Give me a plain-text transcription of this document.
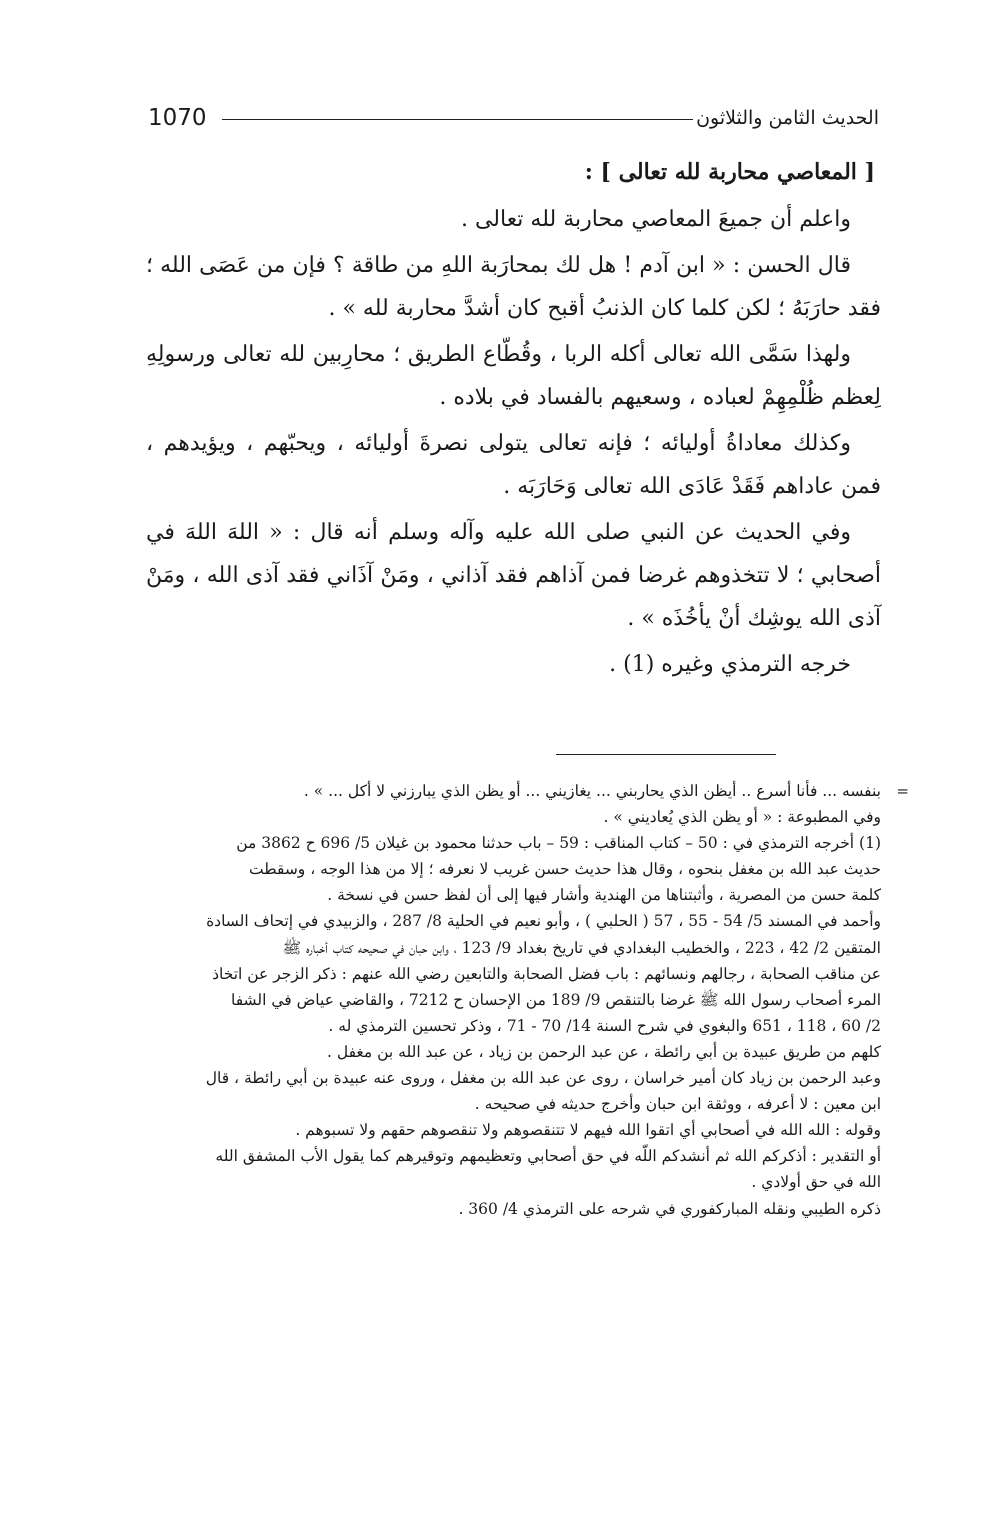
1070	الحديث الثامن والثلاثون
[ المعاصي محاربة لله تعالى ] :

واعلم أن جميعَ المعاصي محاربة لله تعالى .

قال الحسن : « ابن آدم ! هل لك بمحارَبة اللهِ من طاقة ؟ فإن من عَصَى الله ؛ فقد حارَبَهُ ؛ لكن كلما كان الذنبُ أقبح كان أشدَّ محاربة لله » .

ولهذا سَمَّى الله تعالى أكله الربا ، وقُطّاع الطريق ؛ محارِبين لله تعالى ورسولِهِ لِعظم ظُلْمِهِمْ لعباده ، وسعيهم بالفساد في بلاده .

وكذلك معاداةُ أوليائه ؛ فإنه تعالى يتولى نصرةَ أوليائه ، ويحبّهم ، ويؤيدهم ، فمن عاداهم فَقَدْ عَادَى الله تعالى وَحَارَبَه .

وفي الحديث عن النبي صلى الله عليه وآله وسلم أنه قال : « اللهَ اللهَ في أصحابي ؛ لا تتخذوهم غرضا فمن آذاهم فقد آذاني ، ومَنْ آذَاني فقد آذى الله ، ومَنْ آذى الله يوشِك أنْ يأخُذَه » .

خرجه الترمذي وغيره (1) .

=

بنفسه ... فأنا أسرع .. أيظن الذي يحاربني ... يغازيني ... أو يظن الذي يبارزني لا أكل ... » .

وفي المطبوعة : « أو يظن الذي يُعاديني » .

(1) أخرجه الترمذي في : 50 – كتاب المناقب : 59 – باب حدثنا محمود بن غيلان 5/ 696 ح 3862 من

حديث عبد الله بن مغفل بنحوه ، وقال هذا حديث حسن غريب لا نعرفه ؛ إلا من هذا الوجه ، وسقطت

كلمة حسن من المصرية ، وأثبتناها من الهندية وأشار فيها إلى أن لفظ حسن في نسخة .

وأحمد في المسند 5/ 54 - 55 ، 57 ( الحلبي ) ، وأبو نعيم في الحلية 8/ 287 ، والزبيدي في إتحاف السادة

المتقين 2/ 42 ، 223 ، والخطيب البغدادي في تاريخ بغداد 9/ 123 ، وابن حبان في صحيحه كتاب أخباره ﷺ

عن مناقب الصحابة ، رجالهم ونسائهم : باب فضل الصحابة والتابعين رضي الله عنهم : ذكر الزجر عن اتخاذ

المرء أصحاب رسول الله ﷺ غرضا بالتنقص 9/ 189 من الإحسان ح 7212 ، والقاضي عياض في الشفا

2/ 60 ، 118 ، 651 والبغوي في شرح السنة 14/ 70 - 71 ، وذكر تحسين الترمذي له .

كلهم من طريق عبيدة بن أبي رائطة ، عن عبد الرحمن بن زياد ، عن عبد الله بن مغفل .

وعبد الرحمن بن زياد كان أمير خراسان ، روى عن عبد الله بن مغفل ، وروى عنه عبيدة بن أبي رائطة ، قال

ابن معين : لا أعرفه ، ووثقة ابن حبان وأخرج حديثه في صحيحه .

وقوله : الله الله في أصحابي أي اتقوا الله فيهم لا تتنقصوهم ولا تنقصوهم حقهم ولا تسبوهم .

أو التقدير : أذكركم الله ثم أنشدكم اللّه في حق أصحابي وتعظيمهم وتوقيرهم كما يقول الأب المشفق الله

الله في حق أولادي .

ذكره الطيبي ونقله المباركفوري في شرحه على الترمذي 4/ 360 .
